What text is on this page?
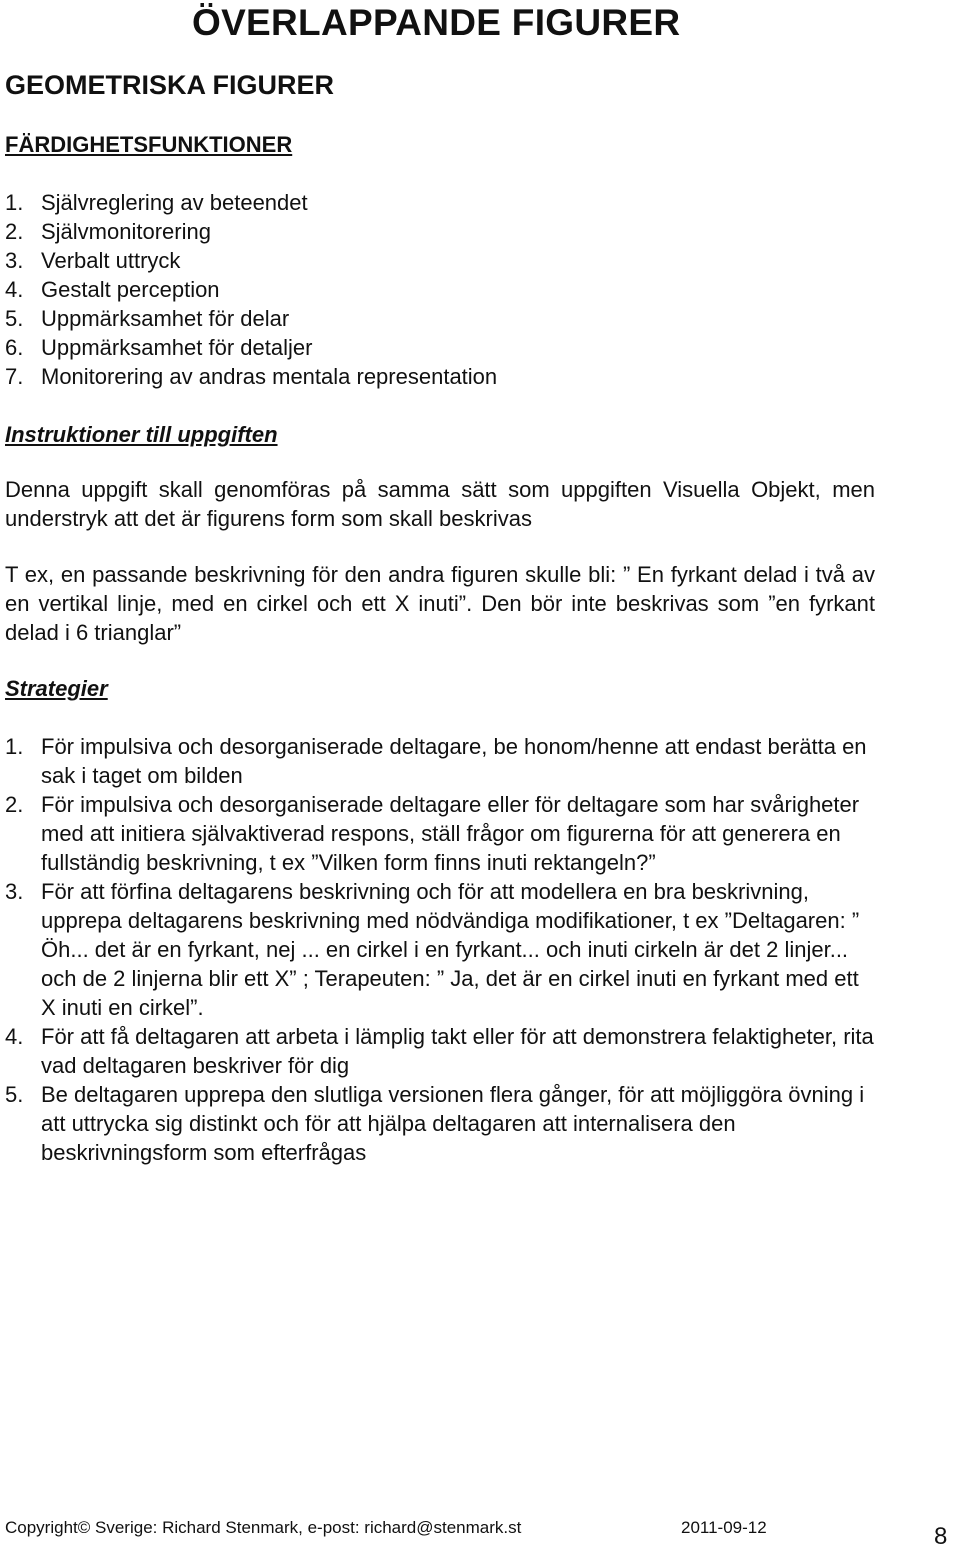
ÖVERLAPPANDE FIGURER
GEOMETRISKA FIGURER
FÄRDIGHETSFUNKTIONER
1. Självreglering av beteendet
2. Självmonitorering
3. Verbalt uttryck
4. Gestalt perception
5. Uppmärksamhet för delar
6. Uppmärksamhet för detaljer
7. Monitorering av andras mentala representation
Instruktioner till uppgiften
Denna uppgift skall genomföras på samma sätt som uppgiften Visuella Objekt, men understryk att det är figurens form som skall beskrivas
T ex, en passande beskrivning för den andra figuren skulle bli: ” En fyrkant delad i två av en vertikal linje, med en cirkel och ett X inuti”. Den bör inte beskrivas som ”en fyrkant delad i 6 trianglar”
Strategier
1. För impulsiva och desorganiserade deltagare, be honom/henne att endast berätta en sak i taget om bilden
2. För impulsiva och desorganiserade deltagare eller för deltagare som har svårigheter med att initiera självaktiverad respons, ställ frågor om figurerna för att generera en fullständig beskrivning, t ex ”Vilken form finns inuti rektangeln?”
3. För att förfina deltagarens beskrivning och för att modellera en bra beskrivning, upprepa deltagarens beskrivning med nödvändiga modifikationer, t ex ”Deltagaren: ” Öh... det är en fyrkant, nej ... en cirkel i en fyrkant... och inuti cirkeln är det 2 linjer... och de 2 linjerna blir ett X” ; Terapeuten: ” Ja, det är en cirkel inuti en fyrkant med ett X inuti en cirkel”.
4. För att få deltagaren att arbeta i lämplig takt eller för att demonstrera felaktigheter, rita vad deltagaren beskriver för dig
5. Be deltagaren upprepa den slutliga versionen flera gånger, för att möjliggöra övning i att uttrycka sig distinkt och för att hjälpa deltagaren att internalisera den beskrivningsform som efterfrågas
Copyright© Sverige: Richard Stenmark, e-post: richard@stenmark.st	2011-09-12	8
